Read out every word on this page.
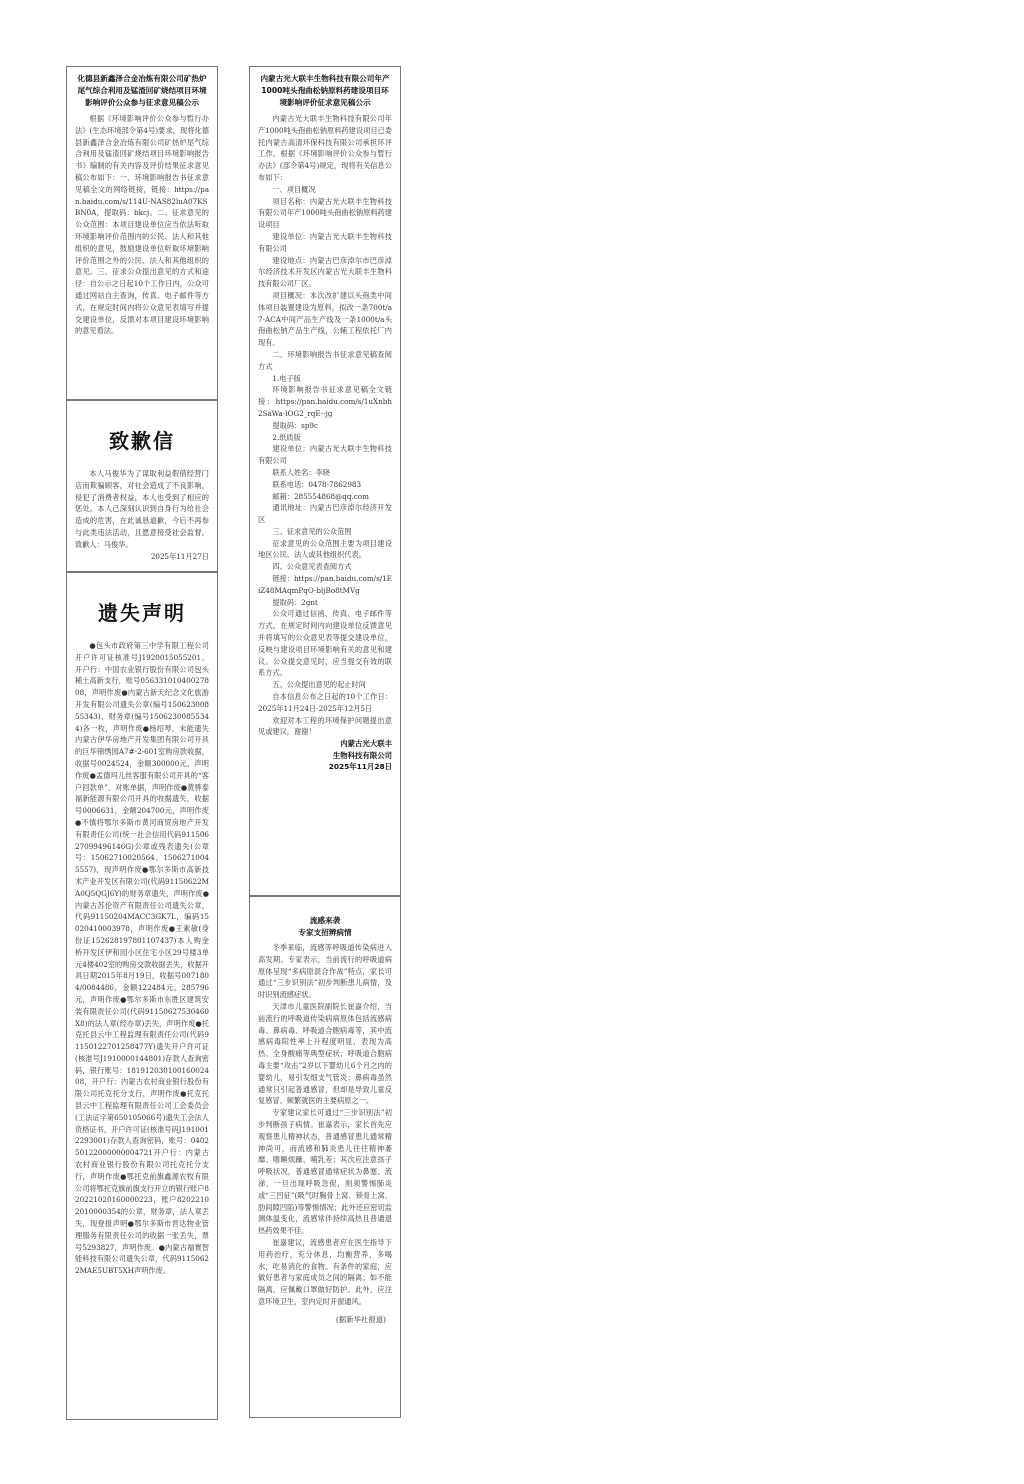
化德县新鑫泽合金冶炼有限公司矿热炉尾气综合利用及锰渣回矿烧结项目环境影响评价公众参与征求意见稿公示

根据《环境影响评价公众参与暂行办法》(生态环境部令第4号)要求，现将化德县新鑫泽合金冶炼有限公司矿热炉尾气综合利用及锰渣回矿烧结项目环境影响报告书》编制的有关内容及评价结果征求意见稿公布如下：一、环境影响报告书征求意见稿全文的网络链接，链接：https://pan.baidu.com/s/114U-NAS82luA07KSBN0A，提取码：bkcj。二、征求意见的公众范围：本项目建设单位应当依法听取环境影响评价范围内的公民、法人和其他组织的意见，鼓励建设单位听取环境影响评价范围之外的公民、法人和其他组织的意见。三、征求公众提出意见的方式和途径：自公示之日起10个工作日内，公众可通过网站自主查询，传真、电子邮件等方式，在规定时间内将公众意见表填写并提交建设单位，反馈对本项目建设环境影响的意见看法。

致歉信

本人马俊华为了谋取利益假借经营门店而欺骗顾客，对社会造成了不良影响，侵犯了消费者权益，本人也受到了相应的惩处。本人已深刻认识到自身行为给社会造成的危害，在此诚恳道歉，今后不再参与此类违法活动，且愿意接受社会监督。致歉人：马俊华。

2025年11月27日

遗失声明

●包头市政府第三中学有限工程公司开户许可证核准号J1920015055201，开户行：中国农业银行股份有限公司包头稀土高新支行，账号05633101040027808，声明作废●内蒙古新天纪念文化旅游开发有限公司遗失公章(编号15062300855343)、财务章(编号15062300855344)各一枚，声明作废●杨绍琴，未能遗失内蒙古伊华房地产开发集团有限公司开具的巨华锦绣园A7#-2-601室购房款收据，收据号0024524，金额300000元，声明作废●孟德玛儿丝客服有限公司开具的“客户回款单”，对账单据，声明作废●黄骅泰福新能源有限公司开具的收据遗失，收据号0006631，金额204700元，声明作废●不慎将鄂尔多斯市黄河商贸房地产开发有限责任公司(统一社会信用代码91150627099496146G)公章或残表遗失(公章号：15062710020564、15062710045557)，现声明作废●鄂尔多斯市高新技术产业开发区有限公司(代码91150622MA0Q5QGJ6Y)的财务章遗失，声明作废●内蒙古苏伦资产有限责任公司遗失公章，代码91150204MACC3GK7L，编码15020410003978，声明作废●王素敏(身份证152628197801107437)本人购金桥开发区伊和园小区住宅小区29号楼3单元4楼402室的购房交款收据丢失，收据开具日期2015年8月19日，收据号0071804/0084486，金额122484元、285796元，声明作废●鄂尔多斯市东胜区建筑安装有限责任公司(代码91150627530460X8)的法人章(经办章)丢失，声明作废●托克托县云中工程监理有限责任公司(代码91150122701258477Y)遗失开户许可证(核准号J1910000144801)存款人查询密码，银行账号：18191203010016002408，开户行：内蒙古农村商业银行股份有限公司托克托分支行，声明作废●托克托县云中工程监理有限责任公司工会委员会(工法证字第650105066号)遗失工会法人资格证书，开户许可证(核准号码J1910012293001)存款人查询密码，账号：040250122000000004721开户行：内蒙古农村商业银行股份有限公司托克托分支行，声明作废●鄂托克前旗鑫源农牧有限公司将鄂托克旗前旗支行开立的银行账户820221020160000223，账户82022102010000354的公章，财务章，法人章丢失，现登报声明●鄂尔多斯市晋达物业管理服务有限责任公司的收据一张丢失，票号5293827，声明作废。●内蒙古福寰智能科技有限公司遗失公章，代码91150622MAE5UBT5XH声明作废。

内蒙古光大联丰生物科技有限公司年产1000吨头孢曲松钠原料药建设项目环境影响评价征求意见稿公示

内蒙古光大联丰生物科技有限公司年产1000吨头孢曲松钠原料药建设项目已委托内蒙古高清环保科技有限公司承担环评工作。根据《环境影响评价公众参与暂行办法》(部令第4号)规定，现将有关信息公布如下：

一、项目概况

项目名称：内蒙古光大联丰生物科技有限公司年产1000吨头孢曲松钠原料药建设项目

建设单位：内蒙古光大联丰生物科技有限公司

建设地点：内蒙古巴彦淖尔市巴彦淖尔经济技术开发区内蒙古光大联丰生物科技有限公司厂区。

项目概况：本次改扩建以头孢类中间体项目装置建设为原料，拟改一条700t/a7-ACA中间产品生产线及一条1000t/a头孢曲松钠产品生产线，公辅工程依托厂内现有。

二、环境影响报告书征求意见稿查阅方式

1.电子版

环境影响报告书征求意见稿全文链接：https://pan.baidu.com/s/1uXnbh2SaWa-lOG2_rqE--jg

提取码：sp9c

2.纸质版

建设单位：内蒙古光大联丰生物科技有限公司

联系人姓名：李晓

联系电话：0478-7862983

邮箱：285554868@qq.com

通讯地址：内蒙古巴彦淖尔经济开发区

三、征求意见的公众范围

征求意见的公众范围主要为项目建设地区公民、法人或其他组织代表。

四、公众意见表查阅方式

链接：https://pan.baidu.com/s/1EiZ48MAqmPqO-bljBo8tMVg

提取码：2gnt

公众可通过信函、传真、电子邮件等方式，在规定时间内向建设单位反馈意见并将填写的公众意见表等提交建设单位，反映与建设项目环境影响有关的意见和建议。公众提交意见时，应当提交有效的联系方式。

五、公众提出意见的起止时间

自本信息公布之日起的10个工作日：2025年11月24日-2025年12月5日

欢迎对本工程的环境保护问题提出意见或建议，谢谢！

内蒙古光大联丰

生物科技有限公司

2025年11月28日

流感来袭
专家支招辨病情

冬季来临，流感等呼吸道传染病进入高发期。专家表示，当前流行的呼吸道病原体呈现“多病原混合作战”特点，家长可通过“三步识别法”初步判断患儿病情，及时识别流感症状。

天津市儿童医院副院长崔嘉介绍，当前流行的呼吸道传染病病原体包括流感病毒、鼻病毒、呼吸道合胞病毒等，其中流感病毒阳性率上升程度明显，表现为高热、全身酸痛等典型症状；呼吸道合胞病毒主要“攻击”2岁以下婴幼儿6个月之内的婴幼儿，易引发细支气管炎；鼻病毒虽然通常只引起普通感冒，但却是导致儿童反复感冒、频繁就医的主要病原之一。

专家建议家长可通过“三步识别法”初步判断孩子病情。崔嘉表示，家长首先应观察患儿精神状态，普通感冒患儿通常精神尚可，而流感和肺炎患儿往往精神萎靡、嗜睡烦躁、哺乳差；其次应注意孩子呼吸状况，普通感冒通常症状为鼻塞、流涕，一旦出现呼吸急促，则须警惕肺炎或“三凹征”(吸气时胸骨上窝、锁骨上窝、肋间隙凹陷)等警惕情况；此外还应密切监测体温变化，流感常伴持续高热且普通退热药效果不佳。

崔嘉建议，流感患者应在医生指导下用药治疗，充分休息，均衡营养，多喝水，吃易消化的食物。有条件的家庭，应做好患者与家庭成员之间的隔离；如不能隔离，应佩戴口罩做好防护。此外，应注意环境卫生，室内定时开窗通风。

(据新华社报道)
